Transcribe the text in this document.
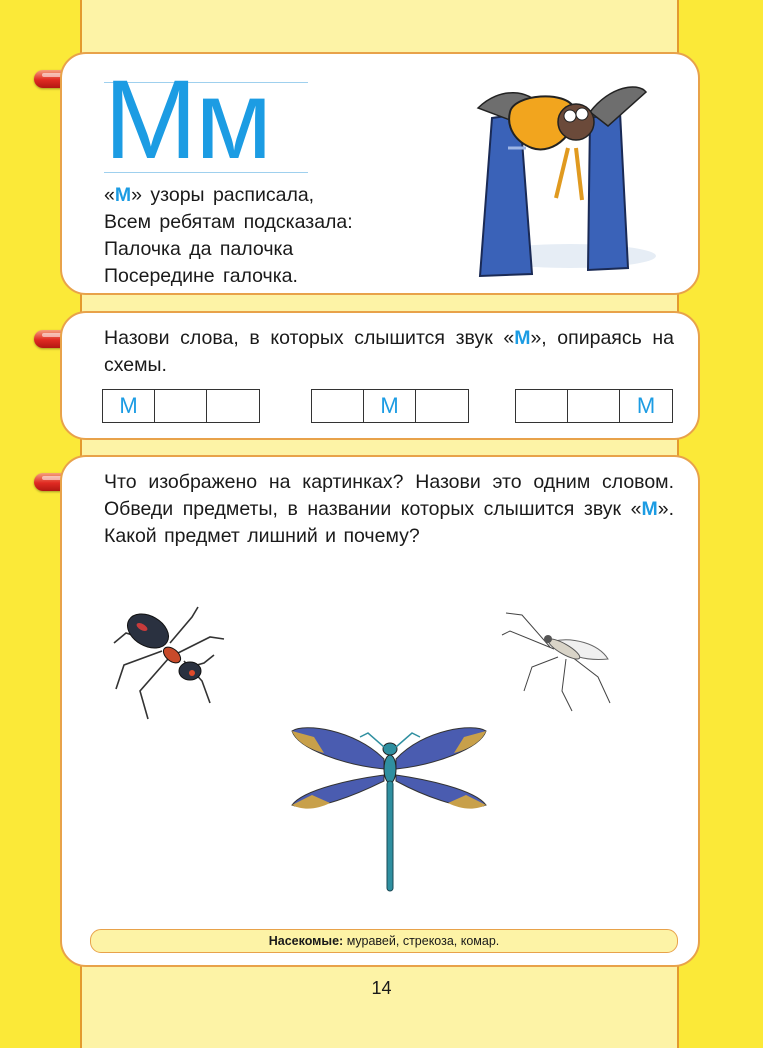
Мм
«М» узоры расписала,
Всем ребятам подсказала:
Палочка да палочка
Посередине галочка.
Назови слова, в которых слышится звук «М», опираясь на схемы.
М	М	М
Что изображено на картинках? Назови это одним словом. Обведи предметы, в названии которых слышится звук «М». Какой предмет лишний и почему?
Насекомые: муравей, стрекоза, комар.
14
